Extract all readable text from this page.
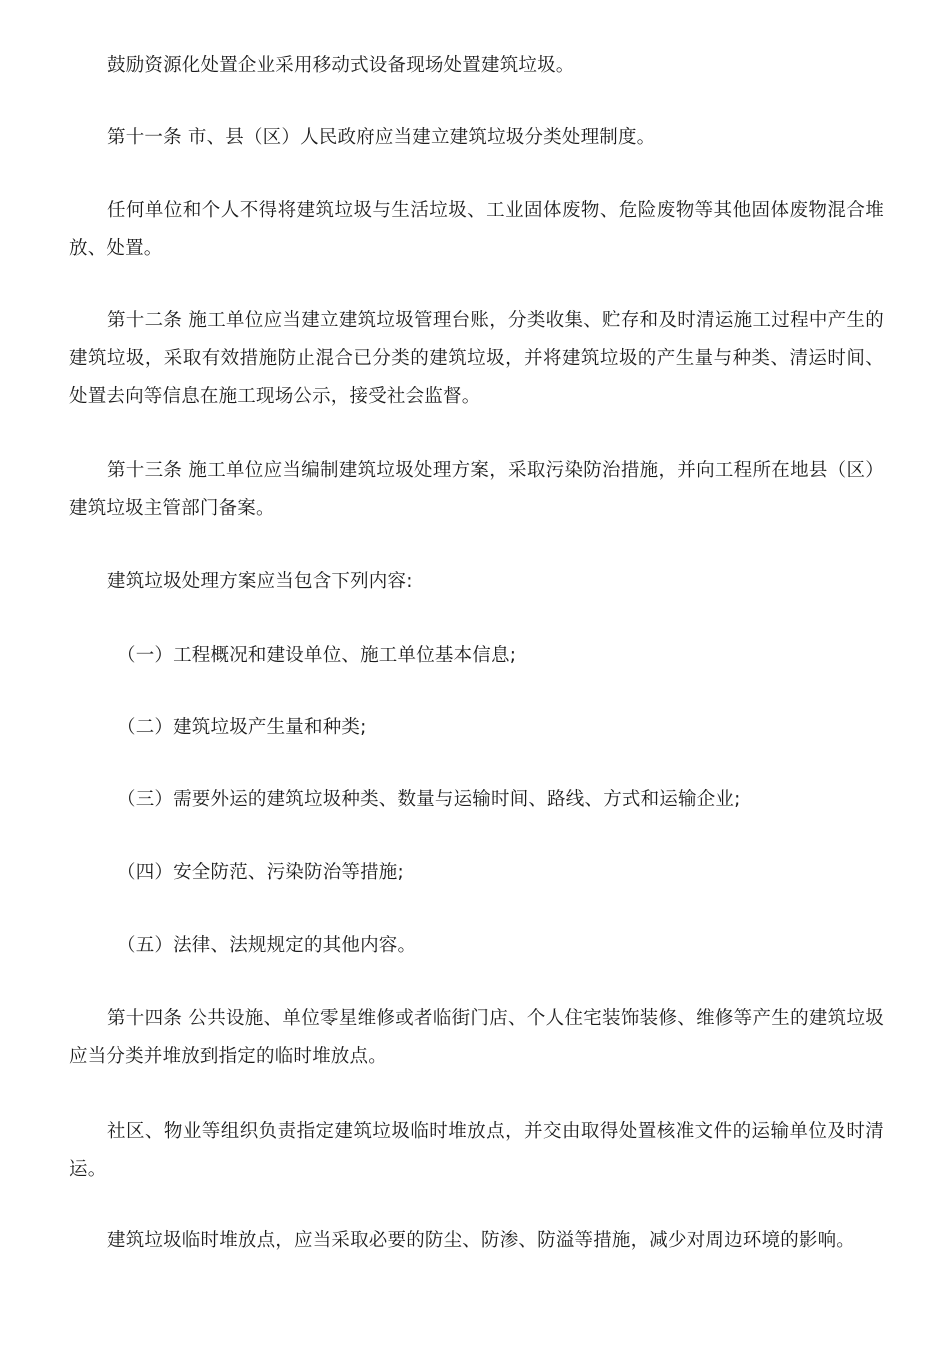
鼓励资源化处置企业采用移动式设备现场处置建筑垃圾。

第十一条 市、县（区）人民政府应当建立建筑垃圾分类处理制度。

任何单位和个人不得将建筑垃圾与生活垃圾、工业固体废物、危险废物等其他固体废物混合堆放、处置。

第十二条 施工单位应当建立建筑垃圾管理台账，分类收集、贮存和及时清运施工过程中产生的建筑垃圾，采取有效措施防止混合已分类的建筑垃圾，并将建筑垃圾的产生量与种类、清运时间、处置去向等信息在施工现场公示，接受社会监督。

第十三条 施工单位应当编制建筑垃圾处理方案，采取污染防治措施，并向工程所在地县（区）建筑垃圾主管部门备案。

建筑垃圾处理方案应当包含下列内容:

（一）工程概况和建设单位、施工单位基本信息;

（二）建筑垃圾产生量和种类;

（三）需要外运的建筑垃圾种类、数量与运输时间、路线、方式和运输企业;

（四）安全防范、污染防治等措施;

（五）法律、法规规定的其他内容。

第十四条 公共设施、单位零星维修或者临街门店、个人住宅装饰装修、维修等产生的建筑垃圾应当分类并堆放到指定的临时堆放点。

社区、物业等组织负责指定建筑垃圾临时堆放点，并交由取得处置核准文件的运输单位及时清运。

建筑垃圾临时堆放点，应当采取必要的防尘、防渗、防溢等措施，减少对周边环境的影响。
